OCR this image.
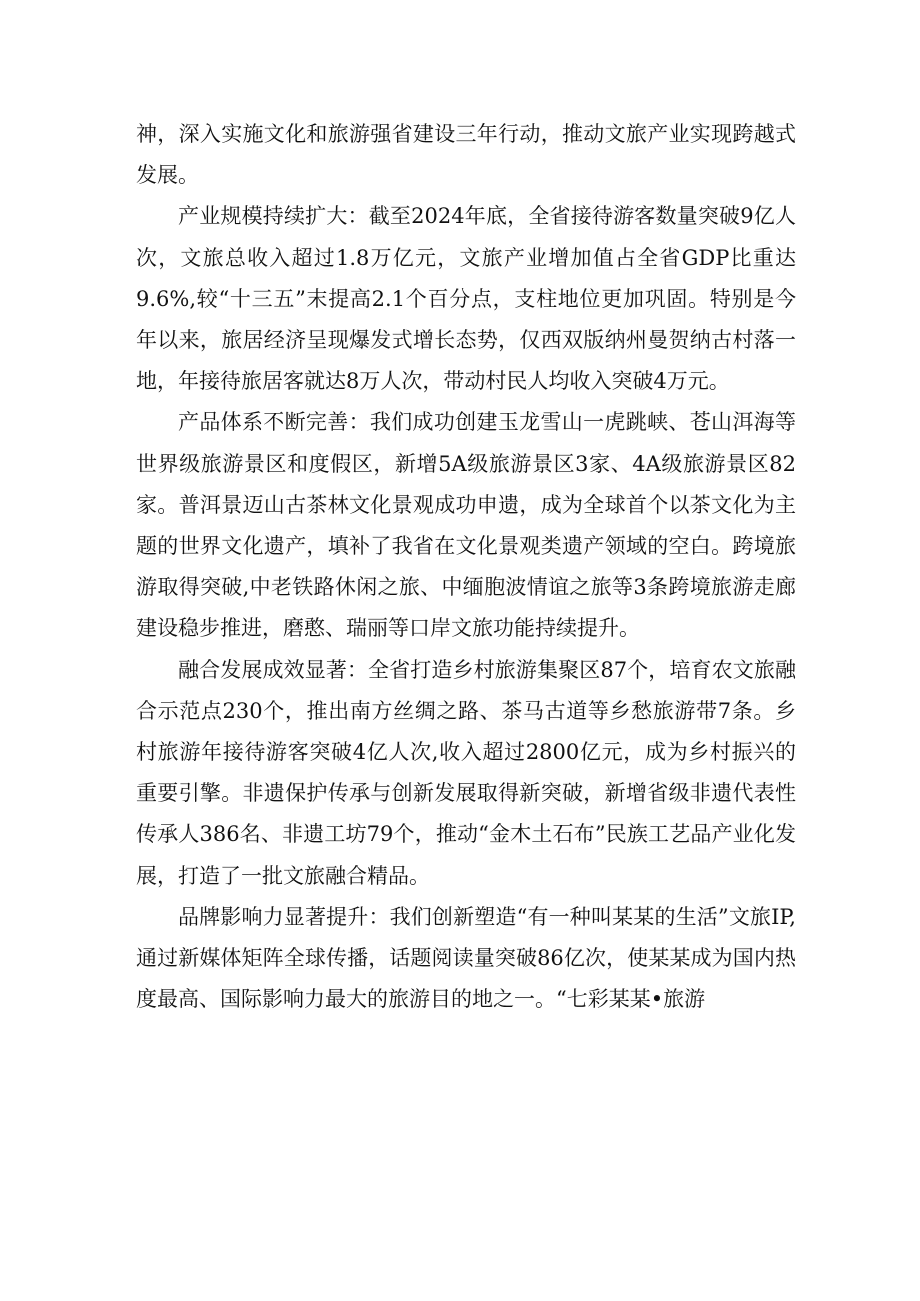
神，深入实施文化和旅游强省建设三年行动，推动文旅产业实现跨越式发展。

产业规模持续扩大：截至2024年底，全省接待游客数量突破9亿人次，文旅总收入超过1.8万亿元，文旅产业增加值占全省GDP比重达9.6%,较“十三五”末提高2.1个百分点，支柱地位更加巩固。特别是今年以来，旅居经济呈现爆发式增长态势，仅西双版纳州曼贺纳古村落一地，年接待旅居客就达8万人次，带动村民人均收入突破4万元。

产品体系不断完善：我们成功创建玉龙雪山一虎跳峡、苍山洱海等世界级旅游景区和度假区，新增5A级旅游景区3家、4A级旅游景区82家。普洱景迈山古茶林文化景观成功申遗，成为全球首个以茶文化为主题的世界文化遗产，填补了我省在文化景观类遗产领域的空白。跨境旅游取得突破,中老铁路休闲之旅、中缅胞波情谊之旅等3条跨境旅游走廊建设稳步推进，磨憨、瑞丽等口岸文旅功能持续提升。

融合发展成效显著：全省打造乡村旅游集聚区87个，培育农文旅融合示范点230个，推出南方丝绸之路、茶马古道等乡愁旅游带7条。乡村旅游年接待游客突破4亿人次,收入超过2800亿元，成为乡村振兴的重要引擎。非遗保护传承与创新发展取得新突破，新增省级非遗代表性传承人386名、非遗工坊79个，推动“金木土石布”民族工艺品产业化发展，打造了一批文旅融合精品。

品牌影响力显著提升：我们创新塑造“有一种叫某某的生活”文旅IP,通过新媒体矩阵全球传播，话题阅读量突破86亿次，使某某成为国内热度最高、国际影响力最大的旅游目的地之一。“七彩某某•旅游
